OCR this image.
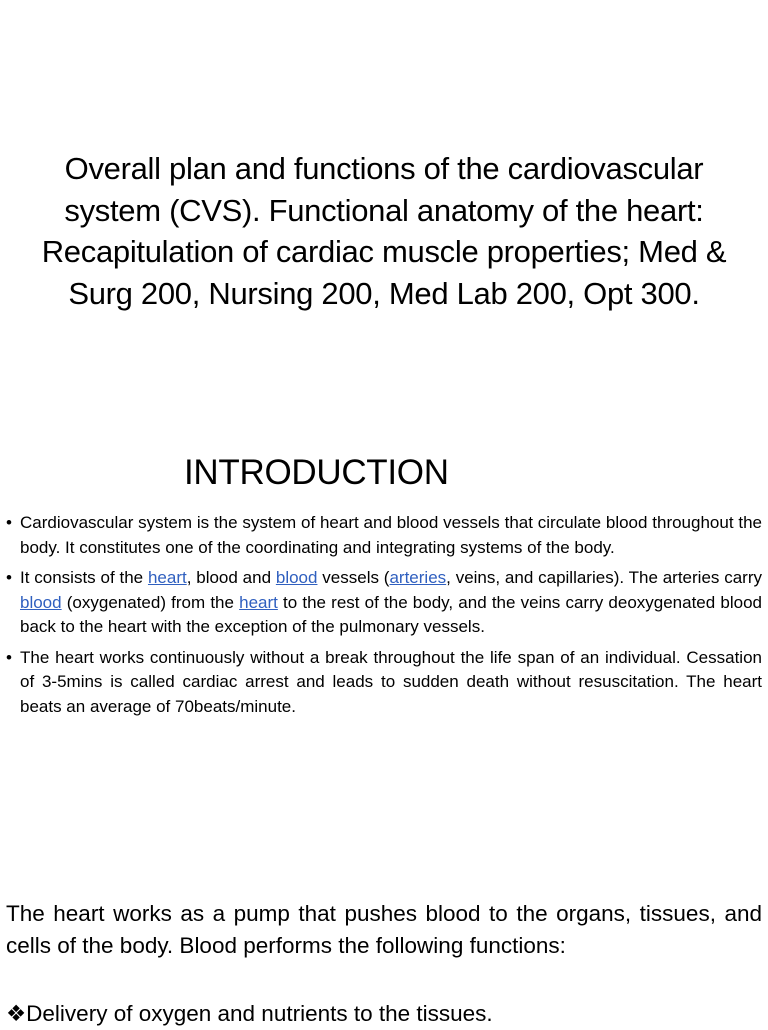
Overall plan and functions of the cardiovascular system (CVS). Functional anatomy of the heart: Recapitulation of cardiac muscle properties; Med & Surg 200, Nursing 200, Med Lab 200, Opt 300.
INTRODUCTION
• Cardiovascular system is the system of heart and blood vessels that circulate blood throughout the body. It constitutes one of the coordinating and integrating systems of the body.
• It consists of the heart, blood and blood vessels (arteries, veins, and capillaries). The arteries carry blood (oxygenated) from the heart to the rest of the body, and the veins carry deoxygenated blood back to the heart with the exception of the pulmonary vessels.
• The heart works continuously without a break throughout the life span of an individual. Cessation of 3-5mins is called cardiac arrest and leads to sudden death without resuscitation. The heart beats an average of 70beats/minute.

The heart works as a pump that pushes blood to the organs, tissues, and cells of the body. Blood performs the following functions:

❖Delivery of oxygen and nutrients to the tissues.
